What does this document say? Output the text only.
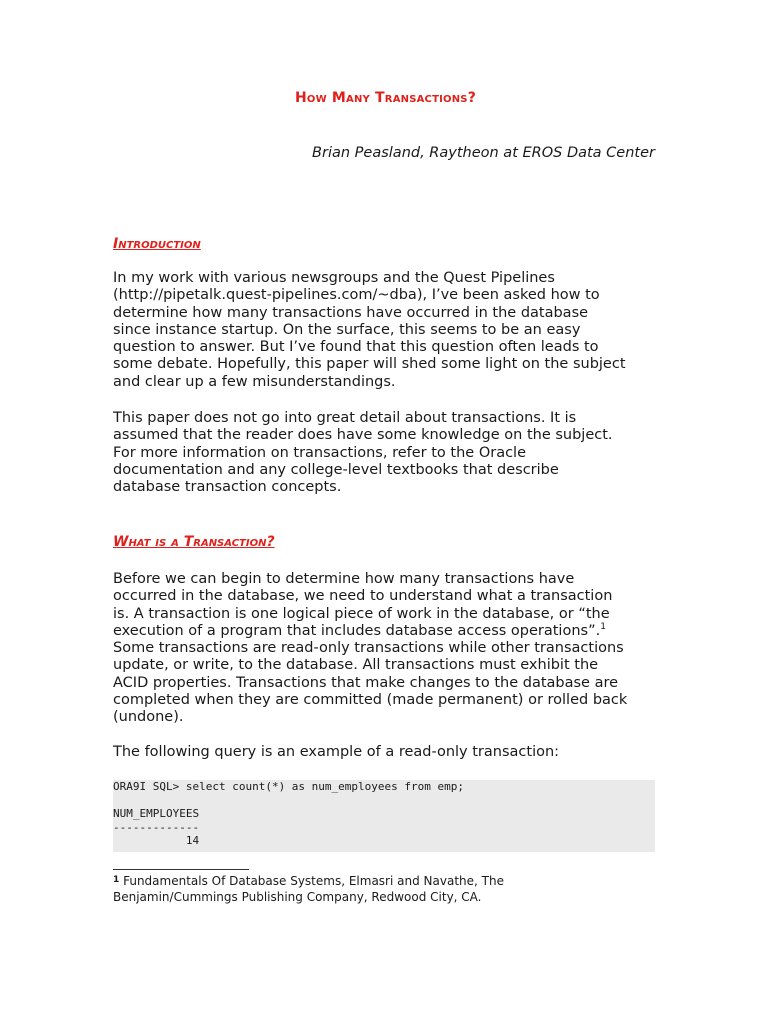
How Many Transactions?

Brian Peasland, Raytheon at EROS Data Center

Introduction

In my work with various newsgroups and the Quest Pipelines
(http://pipetalk.quest-pipelines.com/~dba), I’ve been asked how to
determine how many transactions have occurred in the database
since instance startup. On the surface, this seems to be an easy
question to answer. But I’ve found that this question often leads to
some debate. Hopefully, this paper will shed some light on the subject
and clear up a few misunderstandings.

This paper does not go into great detail about transactions. It is
assumed that the reader does have some knowledge on the subject.
For more information on transactions, refer to the Oracle
documentation and any college-level textbooks that describe
database transaction concepts.

What is a Transaction?

Before we can begin to determine how many transactions have
occurred in the database, we need to understand what a transaction
is. A transaction is one logical piece of work in the database, or “the
execution of a program that includes database access operations”.$^1$
Some transactions are read-only transactions while other transactions
update, or write, to the database. All transactions must exhibit the
ACID properties. Transactions that make changes to the database are
completed when they are committed (made permanent) or rolled back
(undone).

The following query is an example of a read-only transaction:

ORA9I SQL> select count(*) as num_employees from emp;
NUM_EMPLOYEES
-------------
14

$^1$ Fundamentals Of Database Systems, Elmasri and Navathe, The
Benjamin/Cummings Publishing Company, Redwood City, CA.
